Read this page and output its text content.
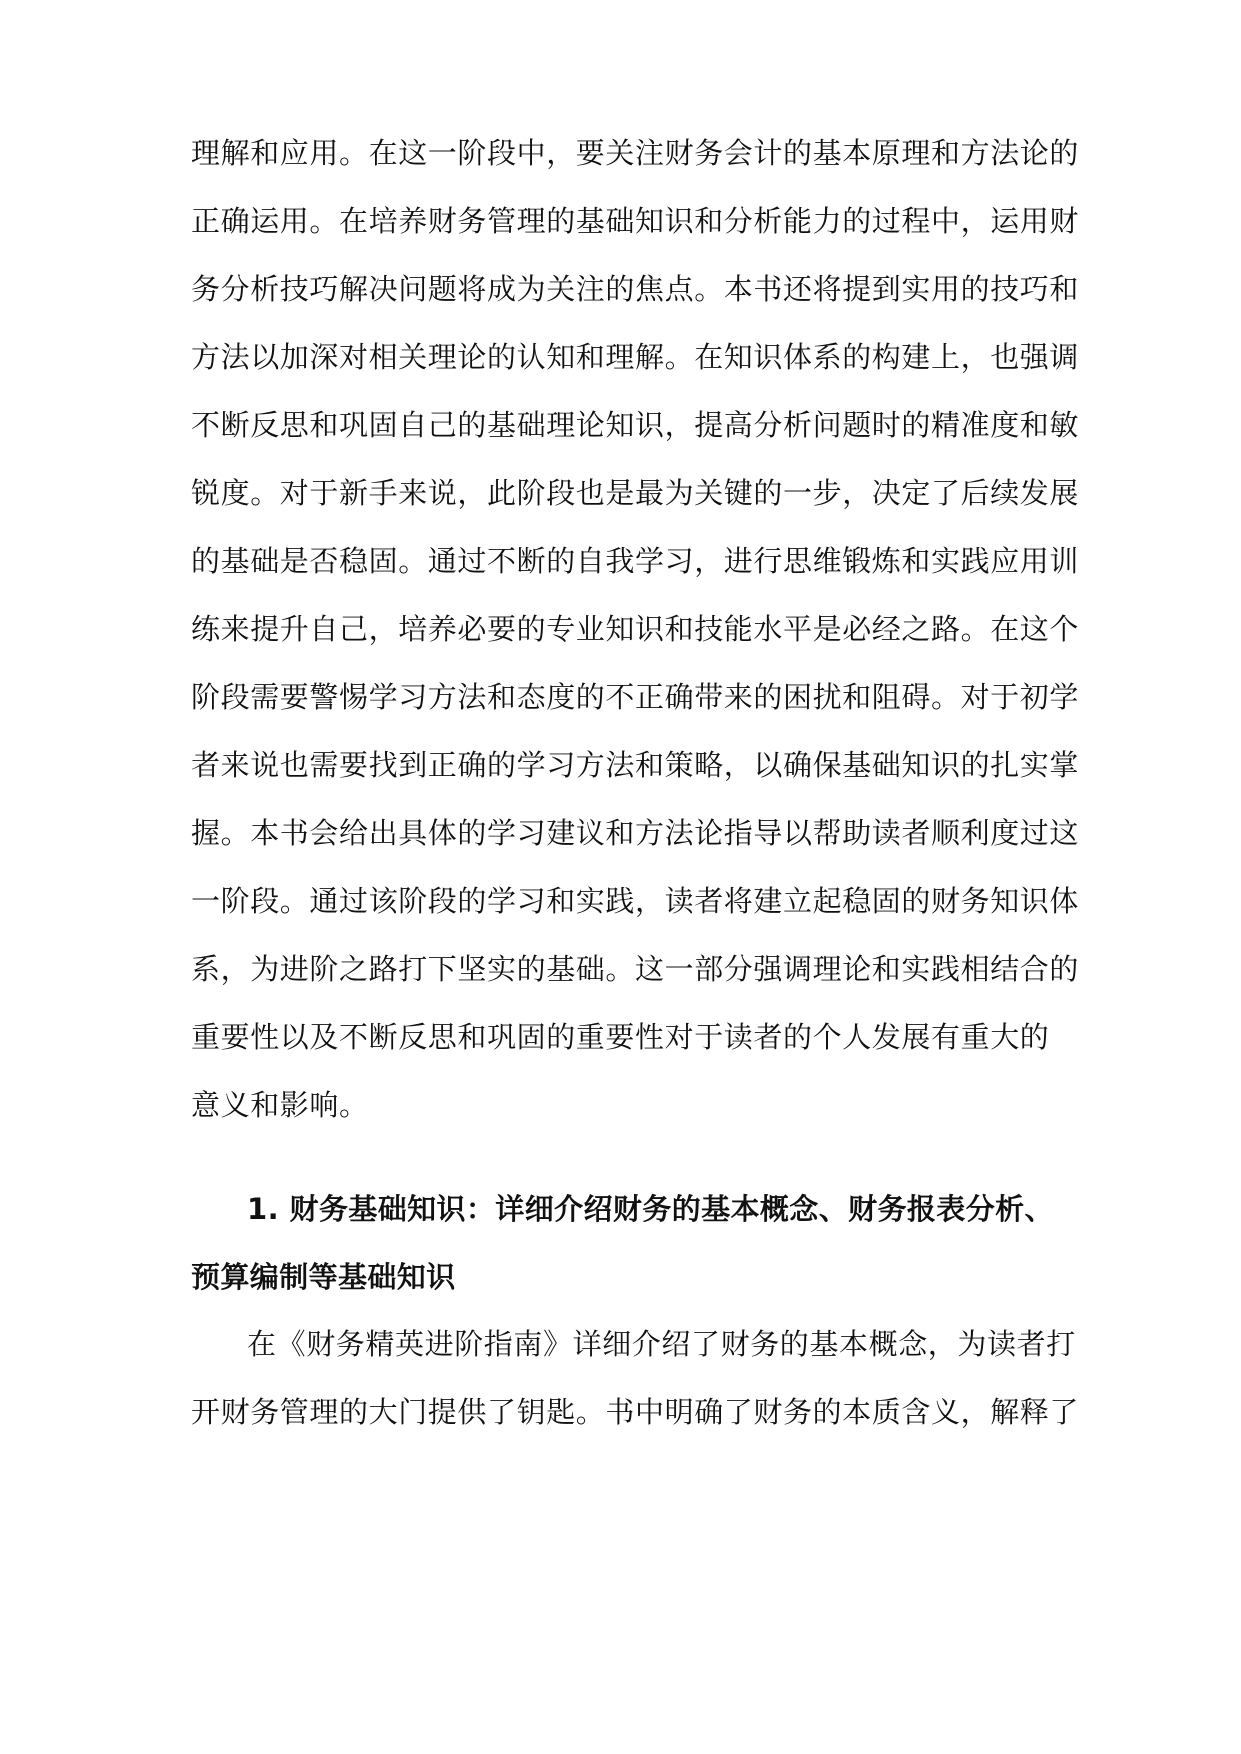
理解和应用。在这一阶段中，要关注财务会计的基本原理和方法论的
正确运用。在培养财务管理的基础知识和分析能力的过程中，运用财
务分析技巧解决问题将成为关注的焦点。本书还将提到实用的技巧和
方法以加深对相关理论的认知和理解。在知识体系的构建上，也强调
不断反思和巩固自己的基础理论知识，提高分析问题时的精准度和敏
锐度。对于新手来说，此阶段也是最为关键的一步，决定了后续发展
的基础是否稳固。通过不断的自我学习，进行思维锻炼和实践应用训
练来提升自己，培养必要的专业知识和技能水平是必经之路。在这个
阶段需要警惕学习方法和态度的不正确带来的困扰和阻碍。对于初学
者来说也需要找到正确的学习方法和策略，以确保基础知识的扎实掌
握。本书会给出具体的学习建议和方法论指导以帮助读者顺利度过这
一阶段。通过该阶段的学习和实践，读者将建立起稳固的财务知识体
系，为进阶之路打下坚实的基础。这一部分强调理论和实践相结合的
重要性以及不断反思和巩固的重要性对于读者的个人发展有重大的
意义和影响。
1. 财务基础知识：详细介绍财务的基本概念、财务报表分析、
预算编制等基础知识
在《财务精英进阶指南》详细介绍了财务的基本概念，为读者打
开财务管理的大门提供了钥匙。书中明确了财务的本质含义，解释了
